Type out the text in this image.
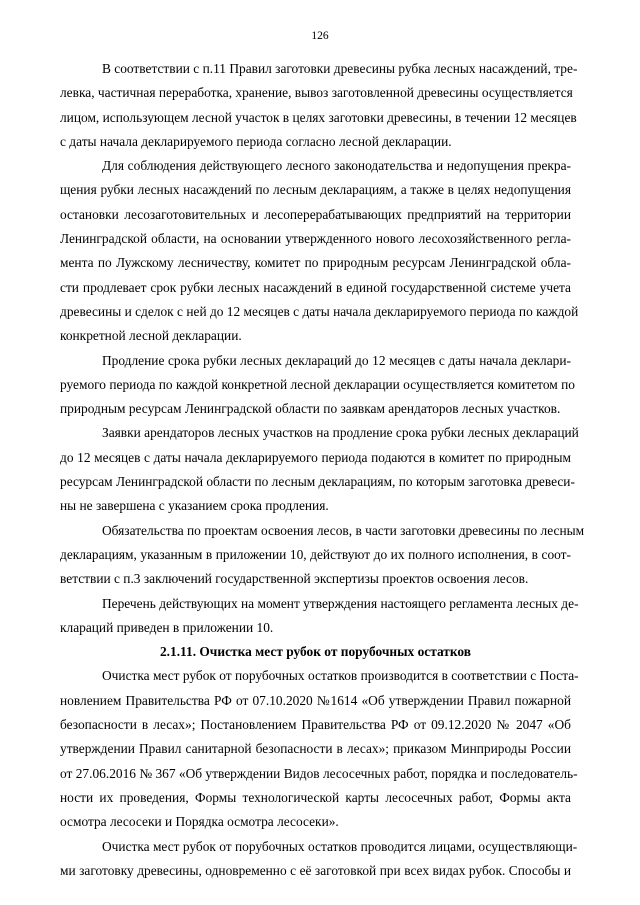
126
В соответствии с п.11 Правил заготовки древесины рубка лесных насаждений, тре-
левка, частичная переработка, хранение, вывоз заготовленной древесины осуществляется
лицом, использующем лесной участок в целях заготовки древесины, в течении 12 месяцев
с даты начала декларируемого периода согласно лесной декларации.
Для соблюдения действующего лесного законодательства и недопущения прекра-
щения рубки лесных насаждений по лесным декларациям, а также в целях недопущения
остановки лесозаготовительных и лесоперерабатывающих предприятий на территории
Ленинградской области, на основании утвержденного нового лесохозяйственного регла-
мента по Лужскому лесничеству, комитет по природным ресурсам Ленинградской обла-
сти продлевает срок рубки лесных насаждений в единой государственной системе учета
древесины и сделок с ней до 12 месяцев с даты начала декларируемого периода по каждой
конкретной лесной декларации.
Продление срока рубки лесных деклараций до 12 месяцев с даты начала деклари-
руемого периода по каждой конкретной лесной декларации осуществляется комитетом по
природным ресурсам Ленинградской области по заявкам арендаторов лесных участков.
Заявки арендаторов лесных участков на продление срока рубки лесных деклараций
до 12 месяцев с даты начала декларируемого периода подаются в комитет по природным
ресурсам Ленинградской области по лесным декларациям, по которым заготовка древеси-
ны не завершена с указанием срока продления.
Обязательства по проектам освоения лесов, в части заготовки древесины по лесным
декларациям, указанным в приложении 10, действуют до их полного исполнения, в соот-
ветствии с п.3 заключений государственной экспертизы проектов освоения лесов.
Перечень действующих на момент утверждения настоящего регламента лесных де-
клараций приведен в приложении 10.
2.1.11. Очистка мест рубок от порубочных остатков
Очистка мест рубок от порубочных остатков производится в соответствии с Поста-
новлением Правительства РФ от 07.10.2020 №1614 «Об утверждении Правил пожарной
безопасности в лесах»; Постановлением Правительства РФ от 09.12.2020 № 2047 «Об
утверждении Правил санитарной безопасности в лесах»; приказом Минприроды России
от 27.06.2016 № 367 «Об утверждении Видов лесосечных работ, порядка и последователь-
ности их проведения, Формы технологической карты лесосечных работ, Формы акта
осмотра лесосеки и Порядка осмотра лесосеки».
Очистка мест рубок от порубочных остатков проводится лицами, осуществляющи-
ми заготовку древесины, одновременно с её заготовкой при всех видах рубок. Способы и
